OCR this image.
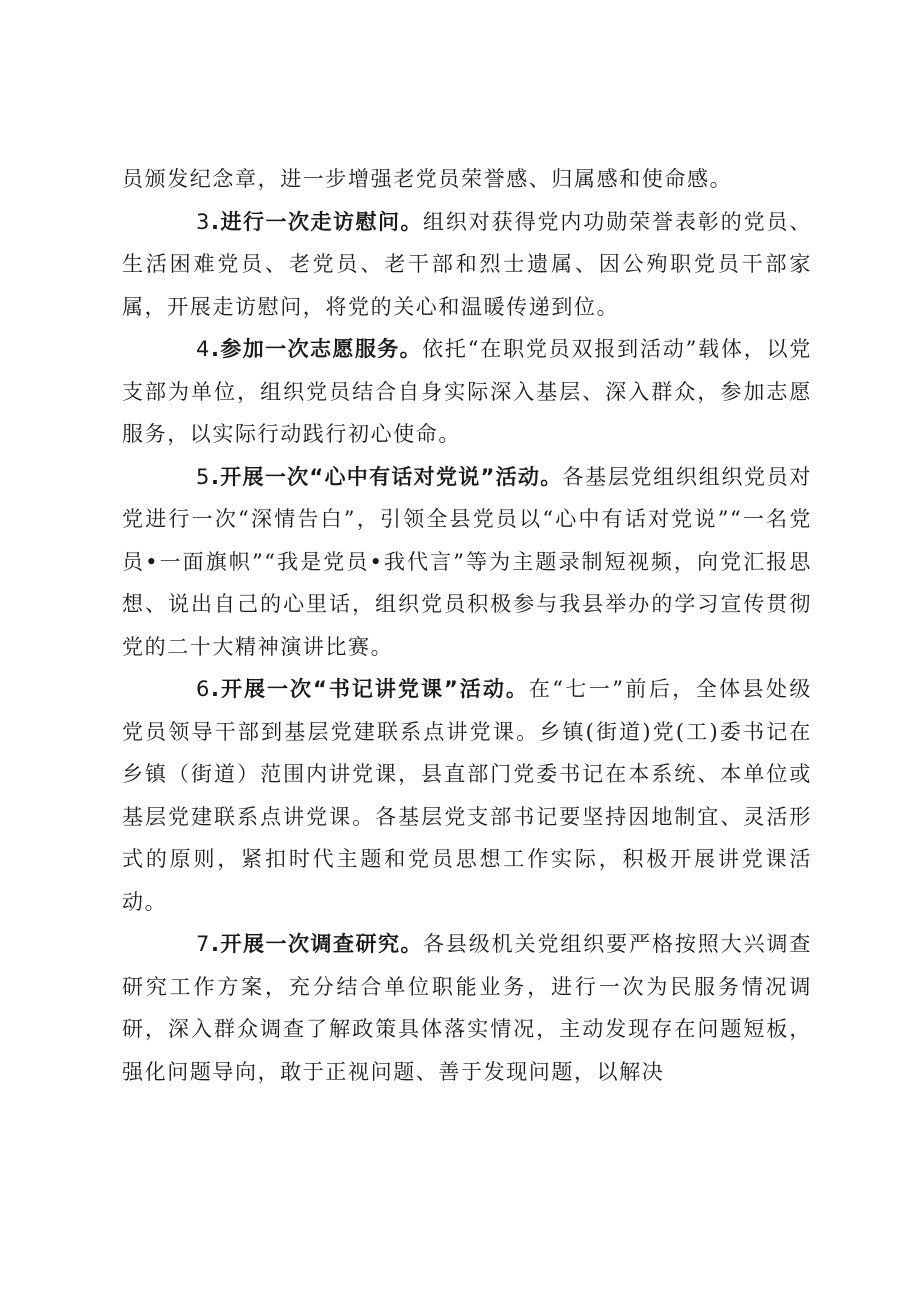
员颁发纪念章，进一步增强老党员荣誉感、归属感和使命感。

3.进行一次走访慰问。组织对获得党内功勋荣誉表彰的党员、生活困难党员、老党员、老干部和烈士遗属、因公殉职党员干部家属，开展走访慰问，将党的关心和温暖传递到位。

4.参加一次志愿服务。依托“在职党员双报到活动”载体，以党支部为单位，组织党员结合自身实际深入基层、深入群众，参加志愿服务，以实际行动践行初心使命。

5.开展一次“心中有话对党说”活动。各基层党组织组织党员对党进行一次“深情告白”，引领全县党员以“心中有话对党说”“一名党员•一面旗帜”“我是党员•我代言”等为主题录制短视频，向党汇报思想、说出自己的心里话，组织党员积极参与我县举办的学习宣传贯彻党的二十大精神演讲比赛。

6.开展一次“书记讲党课”活动。在“七一”前后，全体县处级党员领导干部到基层党建联系点讲党课。乡镇(街道)党(工)委书记在乡镇（街道）范围内讲党课，县直部门党委书记在本系统、本单位或基层党建联系点讲党课。各基层党支部书记要坚持因地制宜、灵活形式的原则，紧扣时代主题和党员思想工作实际，积极开展讲党课活动。

7.开展一次调查研究。各县级机关党组织要严格按照大兴调查研究工作方案，充分结合单位职能业务，进行一次为民服务情况调研，深入群众调查了解政策具体落实情况，主动发现存在问题短板，强化问题导向，敢于正视问题、善于发现问题，以解决
